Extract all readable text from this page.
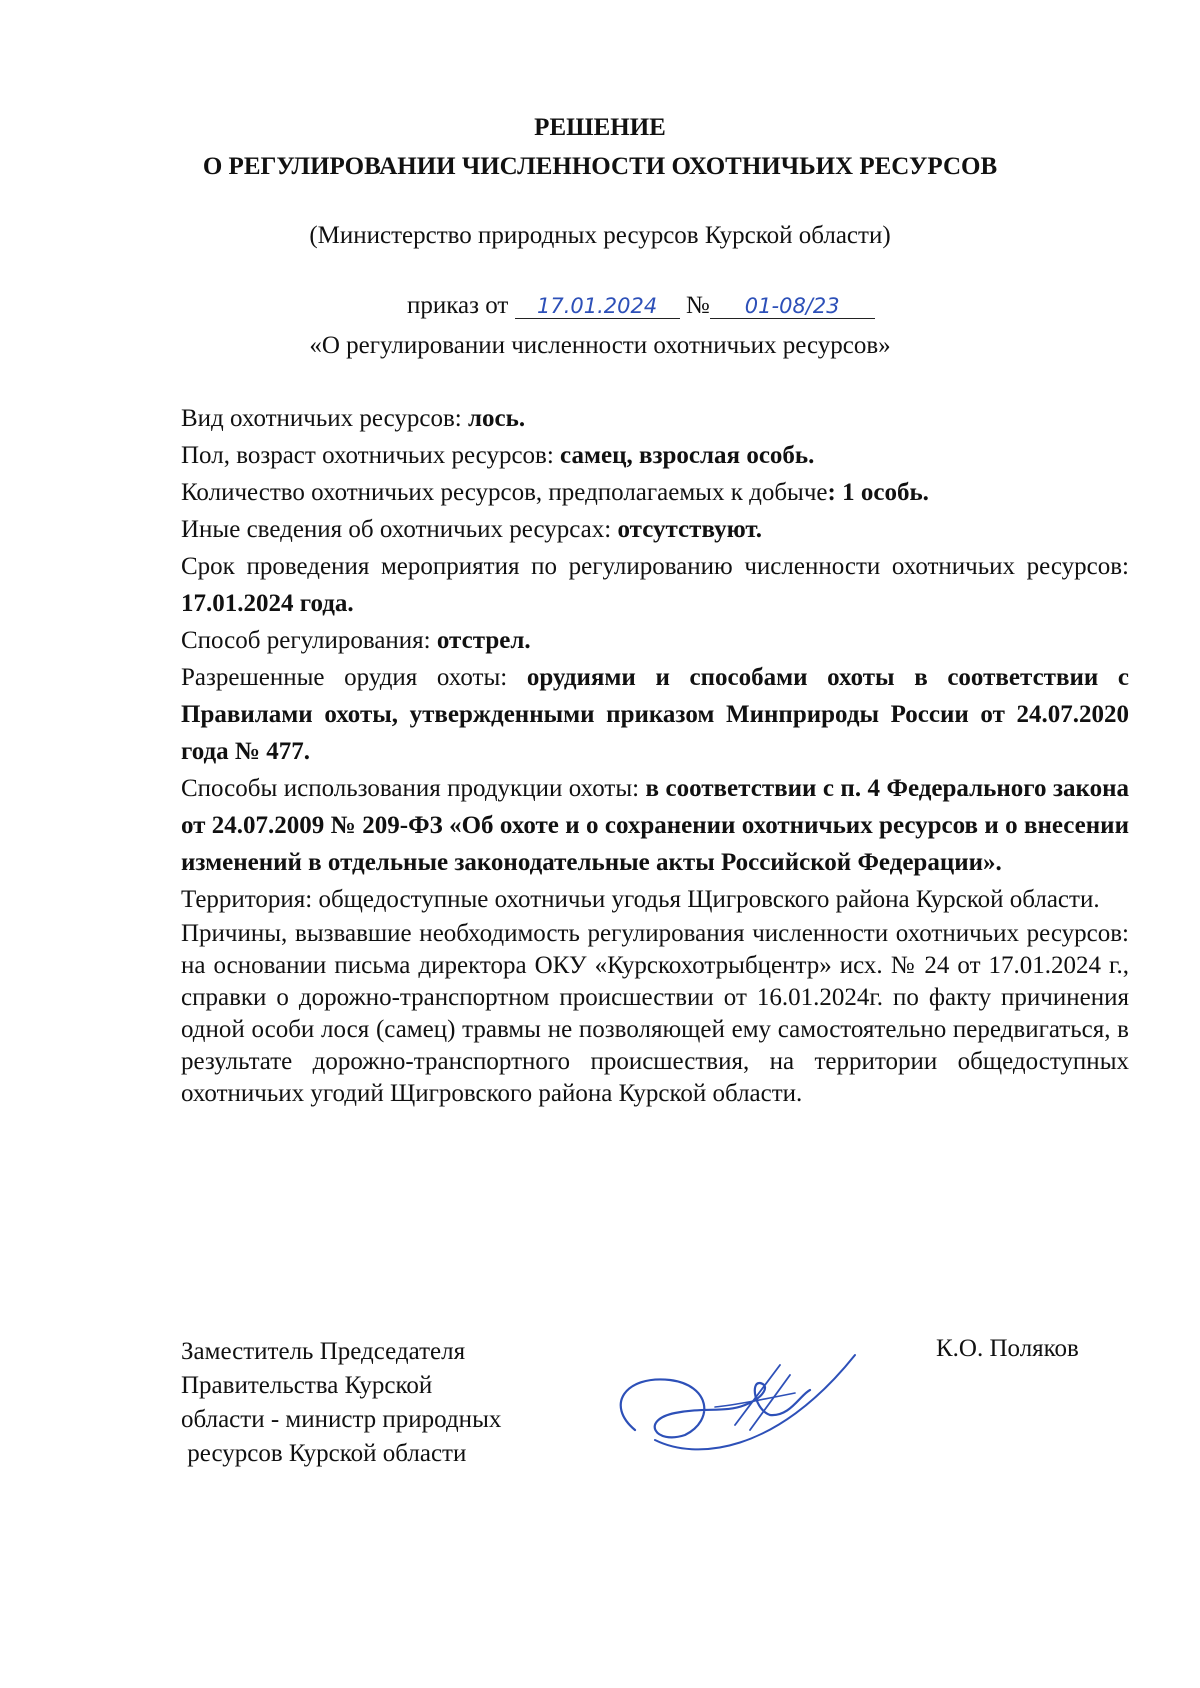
РЕШЕНИЕ
О РЕГУЛИРОВАНИИ ЧИСЛЕННОСТИ ОХОТНИЧЬИХ РЕСУРСОВ
(Министерство природных ресурсов Курской области)
приказ от 17.01.2024 № 01-08/23
«О регулировании численности охотничьих ресурсов»

Вид охотничьих ресурсов: лось.

Пол, возраст охотничьих ресурсов: самец, взрослая особь.

Количество охотничьих ресурсов, предполагаемых к добыче: 1 особь.

Иные сведения об охотничьих ресурсах: отсутствуют.

Срок проведения мероприятия по регулированию численности охотничьих ресурсов: 17.01.2024 года.

Способ регулирования: отстрел.

Разрешенные орудия охоты: орудиями и способами охоты в соответствии с Правилами охоты, утвержденными приказом Минприроды России от 24.07.2020 года № 477.

Способы использования продукции охоты: в соответствии с п. 4 Федерального закона от 24.07.2009 № 209-ФЗ «Об охоте и о сохранении охотничьих ресурсов и о внесении изменений в отдельные законодательные акты Российской Федерации».

Территория: общедоступные охотничьи угодья Щигровского района Курской области.

Причины, вызвавшие необходимость регулирования численности охотничьих ресурсов: на основании письма директора ОКУ «Курскохотрыбцентр» исх. № 24 от 17.01.2024 г., справки о дорожно-транспортном происшествии от 16.01.2024г. по факту причинения одной особи лося (самец) травмы не позволяющей ему самостоятельно передвигаться, в результате дорожно-транспортного происшествия, на территории общедоступных охотничьих угодий Щигровского района Курской области.

Заместитель Председателя
Правительства Курской
области - министр природных
ресурсов Курской области
К.О. Поляков
